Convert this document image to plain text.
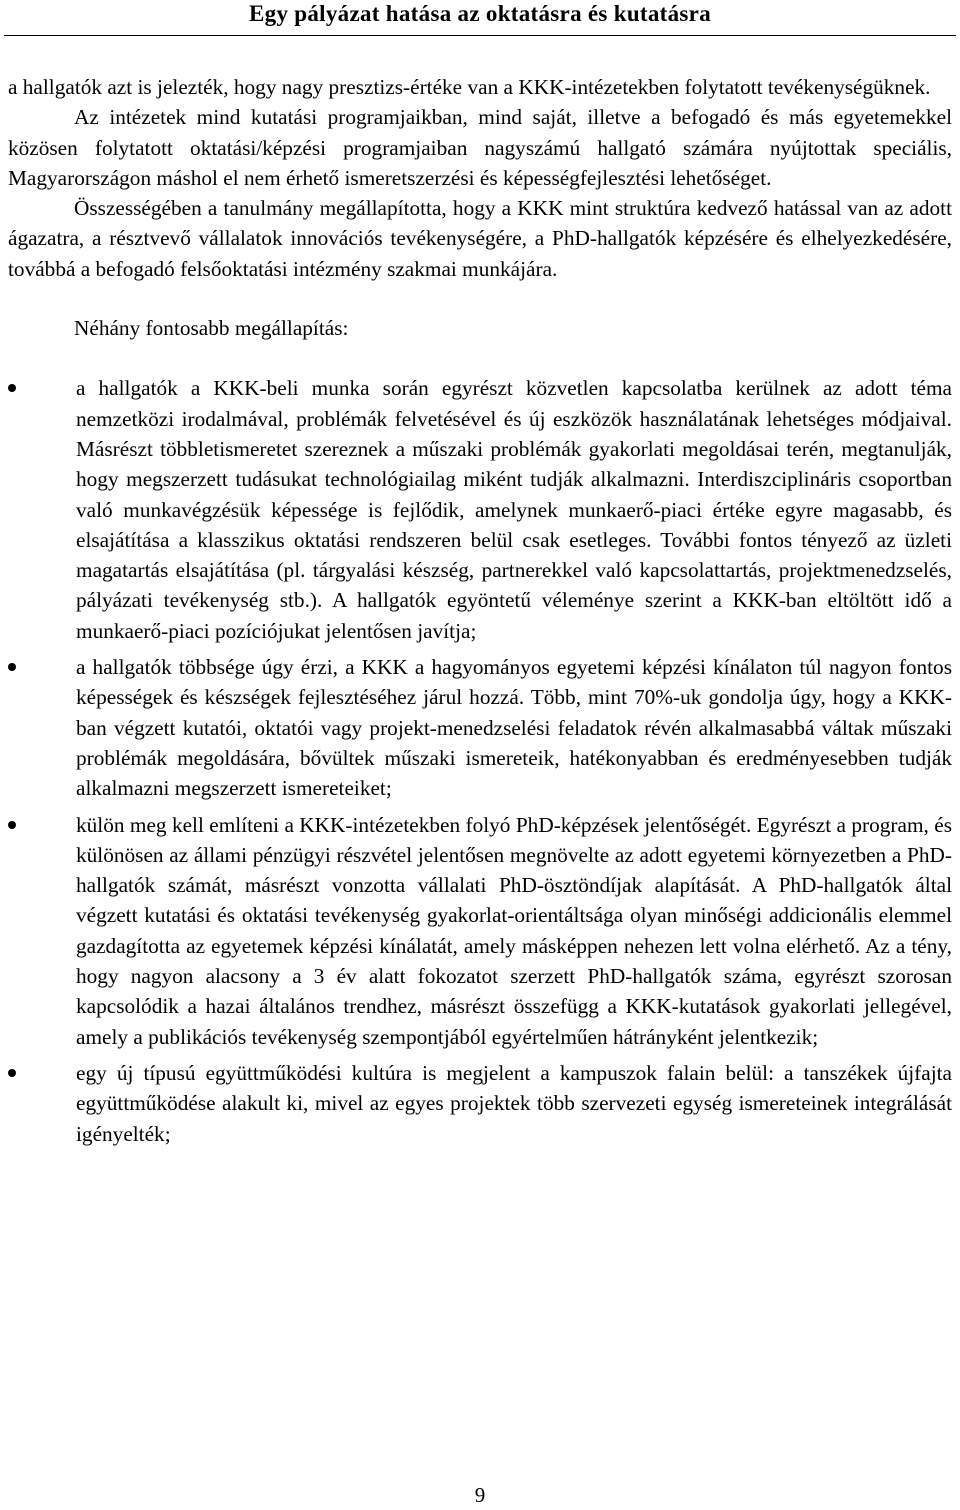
Egy pályázat hatása az oktatásra és kutatásra

a hallgatók azt is jelezték, hogy nagy presztizs-értéke van a KKK-intézetekben folytatott tevékenységüknek.

Az intézetek mind kutatási programjaikban, mind saját, illetve a befogadó és más egyetemekkel közösen folytatott oktatási/képzési programjaiban nagyszámú hallgató számára nyújtottak speciális, Magyarországon máshol el nem érhető ismeretszerzési és képességfejlesztési lehetőséget.

Összességében a tanulmány megállapította, hogy a KKK mint struktúra kedvező hatással van az adott ágazatra, a résztvevő vállalatok innovációs tevékenységére, a PhD-hallgatók képzésére és elhelyezkedésére, továbbá a befogadó felsőoktatási intézmény szakmai munkájára.

Néhány fontosabb megállapítás:

a hallgatók a KKK-beli munka során egyrészt közvetlen kapcsolatba kerülnek az adott téma nemzetközi irodalmával, problémák felvetésével és új eszközök használatának lehetséges módjaival. Másrészt többletismeretet szereznek a műszaki problémák gyakorlati megoldásai terén, megtanulják, hogy megszerzett tudásukat technológiailag miként tudják alkalmazni. Interdiszciplináris csoportban való munkavégzésük képessége is fejlődik, amelynek munkaerő-piaci értéke egyre magasabb, és elsajátítása a klasszikus oktatási rendszeren belül csak esetleges. További fontos tényező az üzleti magatartás elsajátítása (pl. tárgyalási készség, partnerekkel való kapcsolattartás, projektmenedzselés, pályázati tevékenység stb.). A hallgatók egyöntetű véleménye szerint a KKK-ban eltöltött idő a munkaerő-piaci pozíciójukat jelentősen javítja;
a hallgatók többsége úgy érzi, a KKK a hagyományos egyetemi képzési kínálaton túl nagyon fontos képességek és készségek fejlesztéséhez járul hozzá. Több, mint 70%-uk gondolja úgy, hogy a KKK-ban végzett kutatói, oktatói vagy projekt-menedzselési feladatok révén alkalmasabbá váltak műszaki problémák megoldására, bővültek műszaki ismereteik, hatékonyabban és eredményesebben tudják alkalmazni megszerzett ismereteiket;
külön meg kell említeni a KKK-intézetekben folyó PhD-képzések jelentőségét. Egyrészt a program, és különösen az állami pénzügyi részvétel jelentősen megnövelte az adott egyetemi környezetben a PhD-hallgatók számát, másrészt vonzotta vállalati PhD-ösztöndíjak alapítását. A PhD-hallgatók által végzett kutatási és oktatási tevékenység gyakorlat-orientáltsága olyan minőségi addicionális elemmel gazdagította az egyetemek képzési kínálatát, amely másképpen nehezen lett volna elérhető. Az a tény, hogy nagyon alacsony a 3 év alatt fokozatot szerzett PhD-hallgatók száma, egyrészt szorosan kapcsolódik a hazai általános trendhez, másrészt összefügg a KKK-kutatások gyakorlati jellegével, amely a publikációs tevékenység szempontjából egyértelműen hátrányként jelentkezik;
egy új típusú együttműködési kultúra is megjelent a kampuszok falain belül: a tanszékek újfajta együttműködése alakult ki, mivel az egyes projektek több szervezeti egység ismereteinek integrálását igényelték;
9
